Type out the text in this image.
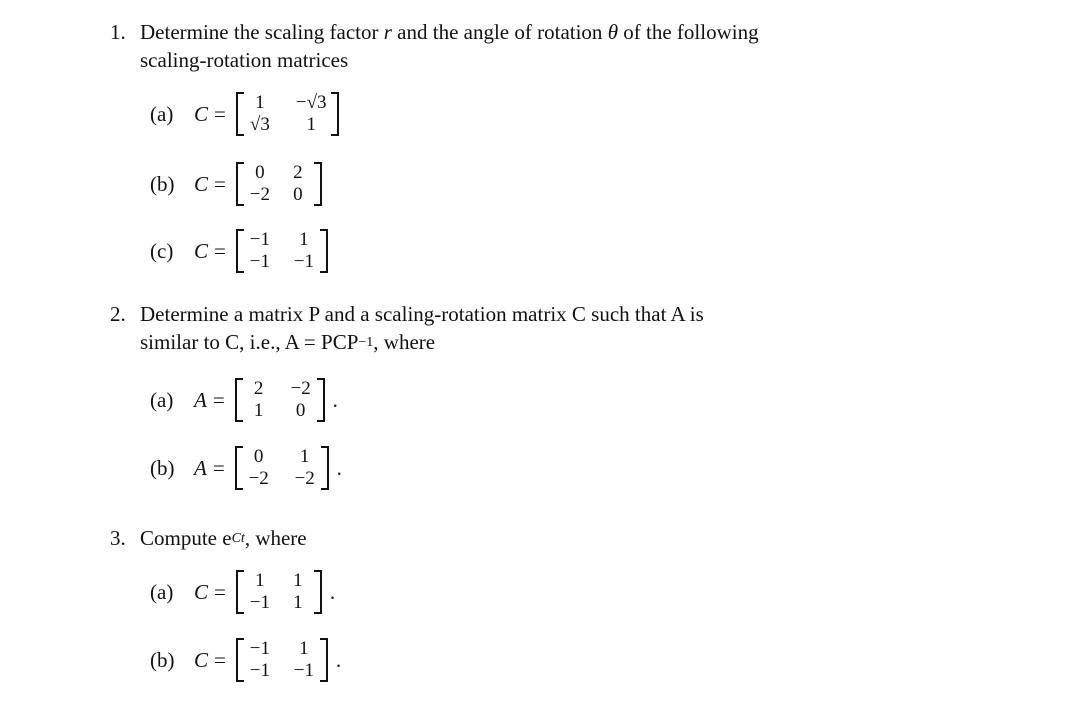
1. Determine the scaling factor r and the angle of rotation θ of the following
scaling-rotation matrices
(a) C =	1	−√3
√3	1
(b) C =	0	2
−2	0
(c) C = −1	1
−1 −1
2. Determine a matrix P and a scaling-rotation matrix C such that A is
similar to C, i.e., $A = PCP^{-1}$, where
(a) A =	2	−2
1	0	.
(b) A =	0	1
−2 −2 .
3. Compute $e^{Ct}$, where
(a) C =	1	1
−1	1	.
(b) C = −1	1
−1 −1 .
